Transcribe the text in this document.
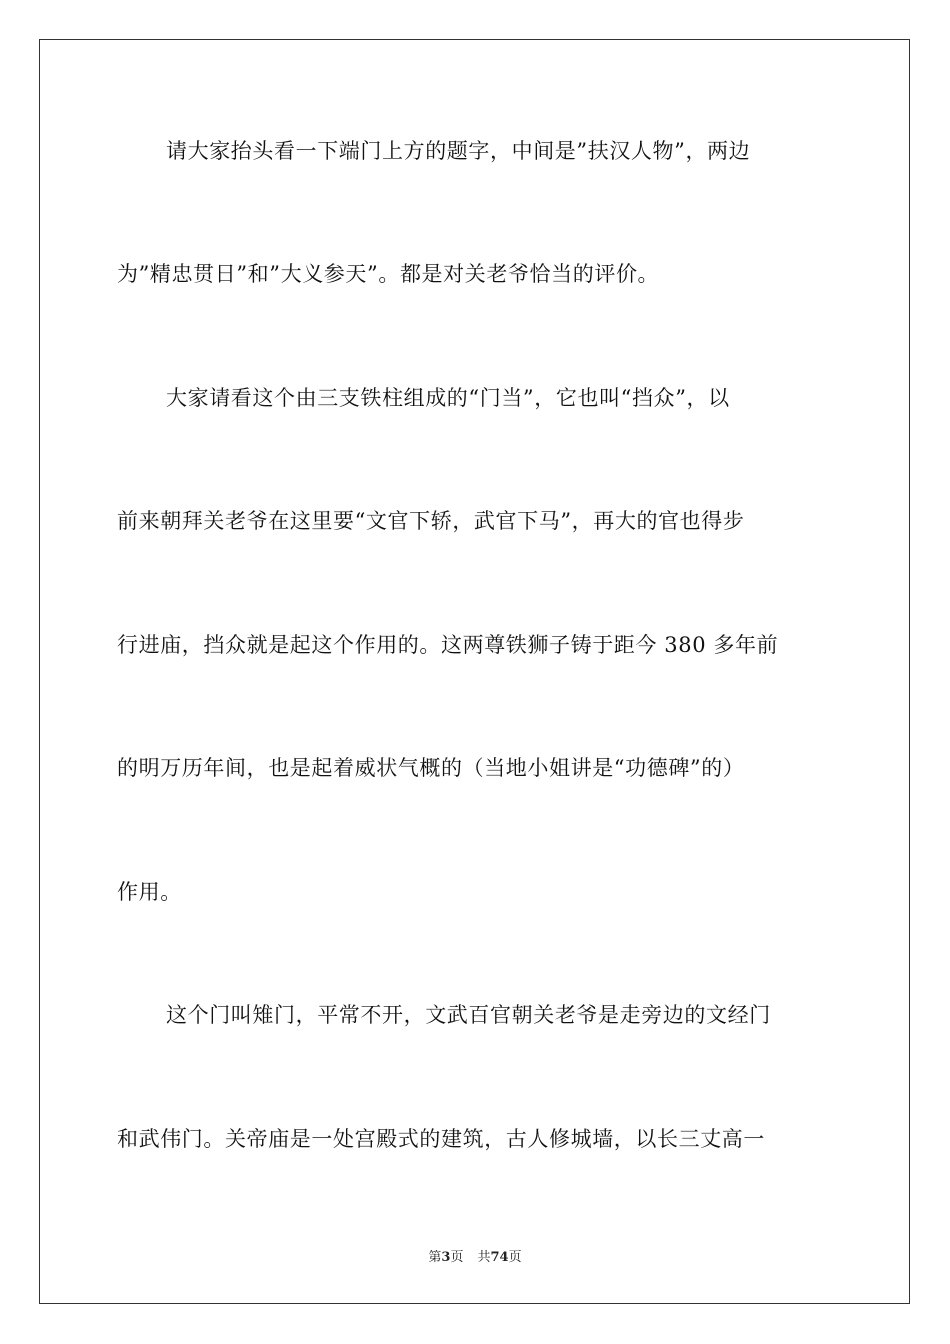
请大家抬头看一下端门上方的题字，中间是”扶汉人物”，两边
为”精忠贯日”和”大义参天”。都是对关老爷恰当的评价。
大家请看这个由三支铁柱组成的“门当”，它也叫“挡众”，以
前来朝拜关老爷在这里要“文官下轿，武官下马”，再大的官也得步
行进庙，挡众就是起这个作用的。这两尊铁狮子铸于距今 380 多年前
的明万历年间，也是起着威状气概的（当地小姐讲是“功德碑”的）
作用。
这个门叫雉门，平常不开，文武百官朝关老爷是走旁边的文经门
和武伟门。关帝庙是一处宫殿式的建筑，古人修城墙，以长三丈高一
第3页 共74页
